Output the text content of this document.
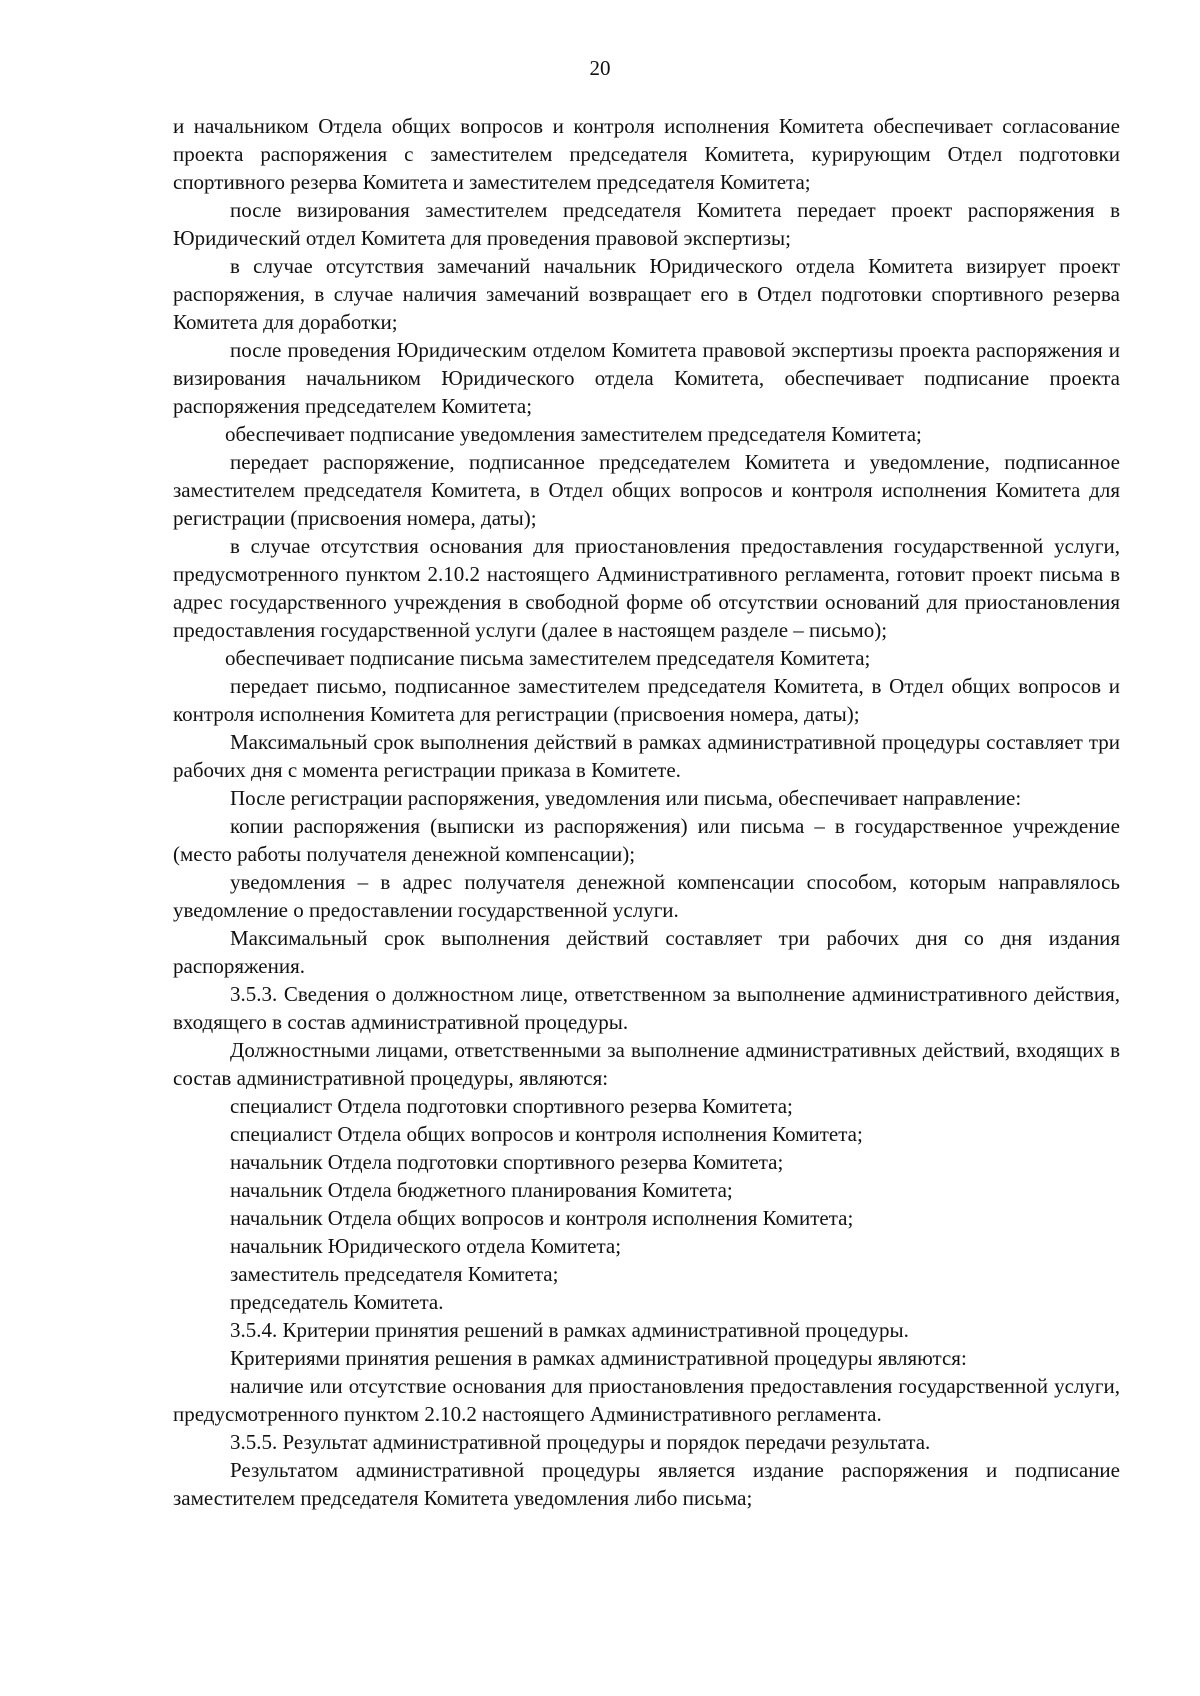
20

и начальником Отдела общих вопросов и контроля исполнения Комитета обеспечивает согласование проекта распоряжения с заместителем председателя Комитета, курирующим Отдел подготовки спортивного резерва Комитета и заместителем председателя Комитета;

после визирования заместителем председателя Комитета передает проект распоряжения в Юридический отдел Комитета для проведения правовой экспертизы;

в случае отсутствия замечаний начальник Юридического отдела Комитета визирует проект распоряжения, в случае наличия замечаний возвращает его в Отдел подготовки спортивного резерва Комитета для доработки;

после проведения Юридическим отделом Комитета правовой экспертизы проекта распоряжения и визирования начальником Юридического отдела Комитета, обеспечивает подписание проекта распоряжения председателем Комитета;

обеспечивает подписание уведомления заместителем председателя Комитета;

передает распоряжение, подписанное председателем Комитета и уведомление, подписанное заместителем председателя Комитета, в Отдел общих вопросов и контроля исполнения Комитета для регистрации (присвоения номера, даты);

в случае отсутствия основания для приостановления предоставления государственной услуги, предусмотренного пунктом 2.10.2 настоящего Административного регламента, готовит проект письма в адрес государственного учреждения в свободной форме об отсутствии оснований для приостановления предоставления государственной услуги (далее в настоящем разделе – письмо);

обеспечивает подписание письма заместителем председателя Комитета;

передает письмо, подписанное заместителем председателя Комитета, в Отдел общих вопросов и контроля исполнения Комитета для регистрации (присвоения номера, даты);

Максимальный срок выполнения действий в рамках административной процедуры составляет три рабочих дня с момента регистрации приказа в Комитете.

После регистрации распоряжения, уведомления или письма, обеспечивает направление:

копии распоряжения (выписки из распоряжения) или письма – в государственное учреждение (место работы получателя денежной компенсации);

уведомления – в адрес получателя денежной компенсации способом, которым направлялось уведомление о предоставлении государственной услуги.

Максимальный срок выполнения действий составляет три рабочих дня со дня издания распоряжения.

3.5.3. Сведения о должностном лице, ответственном за выполнение административного действия, входящего в состав административной процедуры.

Должностными лицами, ответственными за выполнение административных действий, входящих в состав административной процедуры, являются:

специалист Отдела подготовки спортивного резерва Комитета;

специалист Отдела общих вопросов и контроля исполнения Комитета;

начальник Отдела подготовки спортивного резерва Комитета;

начальник Отдела бюджетного планирования Комитета;

начальник Отдела общих вопросов и контроля исполнения Комитета;

начальник Юридического отдела Комитета;

заместитель председателя Комитета;

председатель Комитета.

3.5.4. Критерии принятия решений в рамках административной процедуры.

Критериями принятия решения в рамках административной процедуры являются:

наличие или отсутствие основания для приостановления предоставления государственной услуги, предусмотренного пунктом 2.10.2 настоящего Административного регламента.

3.5.5. Результат административной процедуры и порядок передачи результата.

Результатом административной процедуры является издание распоряжения и подписание заместителем председателя Комитета уведомления либо письма;
